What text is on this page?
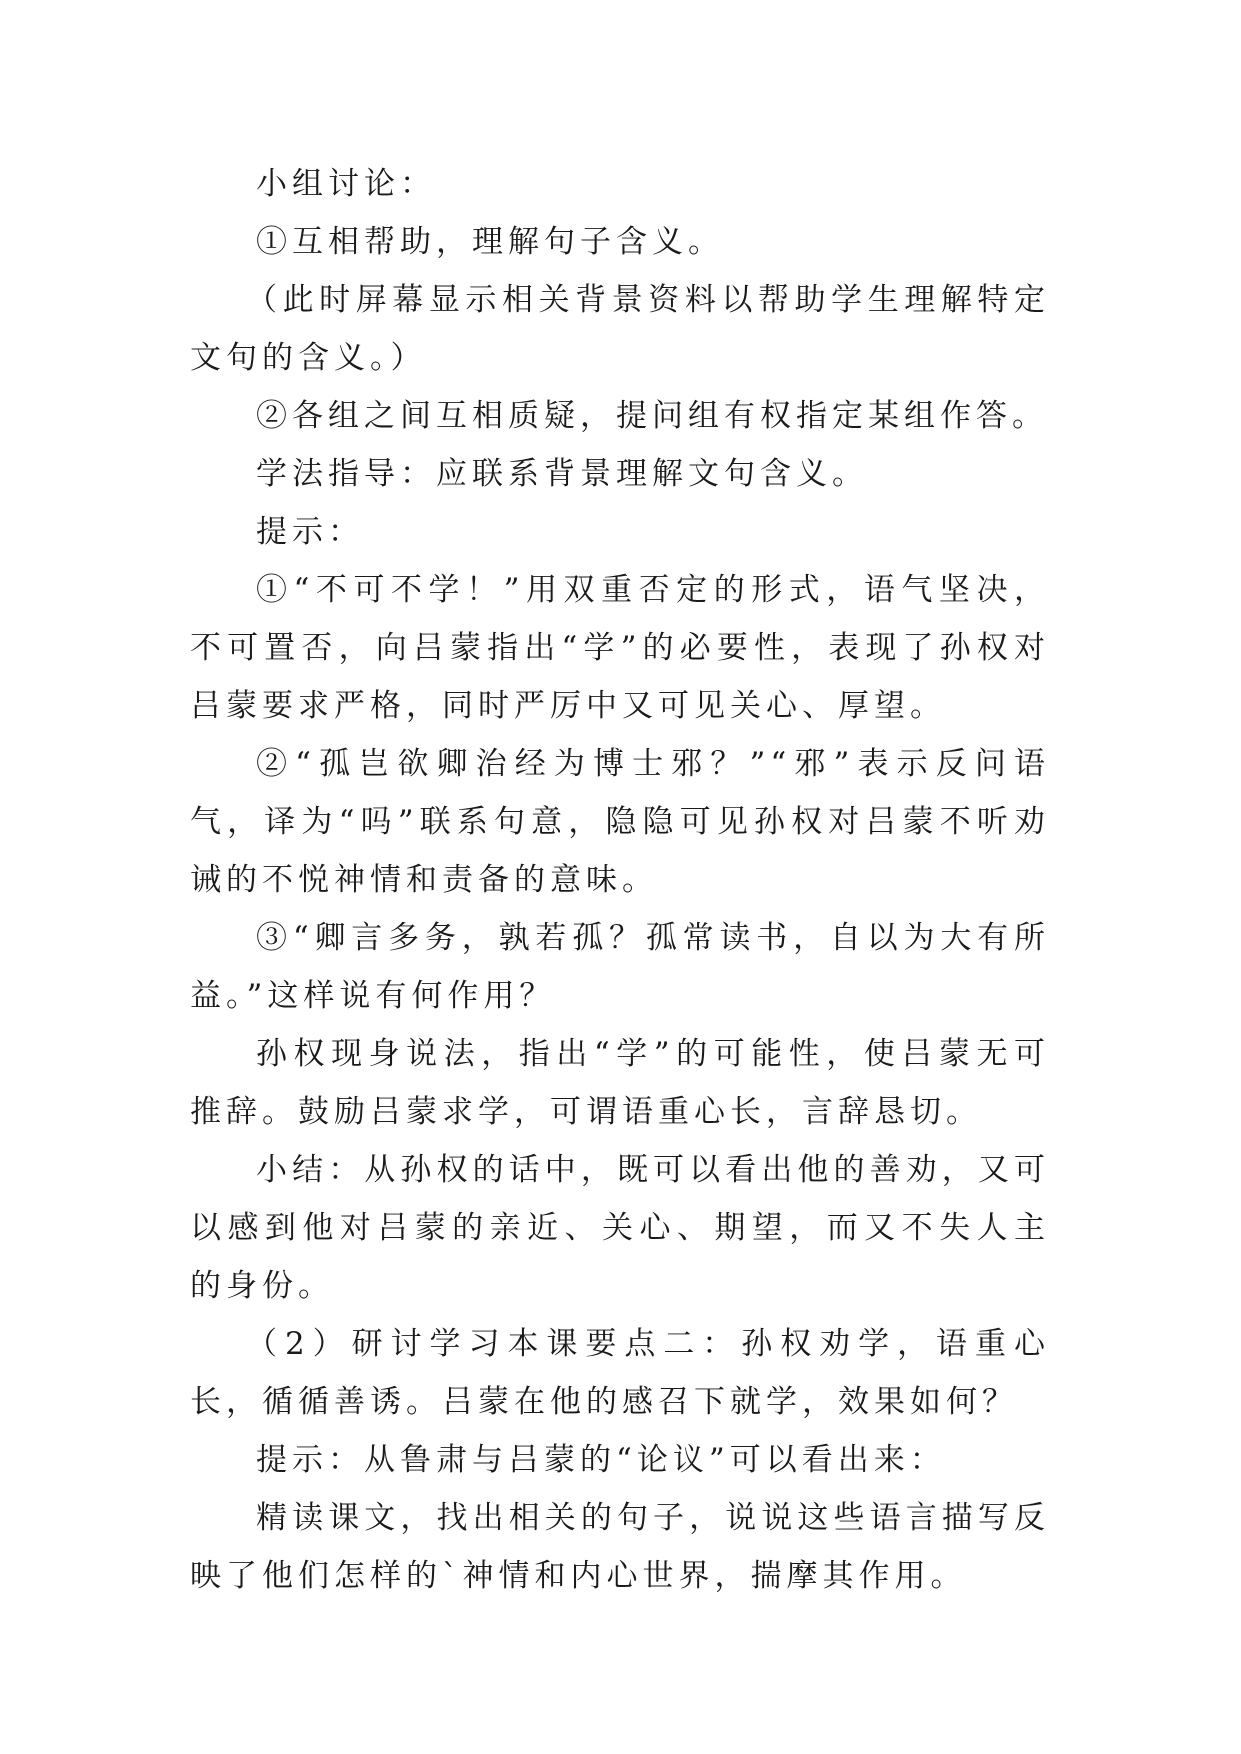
小组讨论：

①互相帮助，理解句子含义。

（此时屏幕显示相关背景资料以帮助学生理解特定文句的含义。）

②各组之间互相质疑，提问组有权指定某组作答。

学法指导：应联系背景理解文句含义。

提示：

①“不可不学！”用双重否定的形式，语气坚决，不可置否，向吕蒙指出“学”的必要性，表现了孙权对吕蒙要求严格，同时严厉中又可见关心、厚望。

②“孤岂欲卿治经为博士邪？”“邪”表示反问语气，译为“吗”联系句意，隐隐可见孙权对吕蒙不听劝诫的不悦神情和责备的意味。

③“卿言多务，孰若孤？孤常读书，自以为大有所益。”这样说有何作用？

孙权现身说法，指出“学”的可能性，使吕蒙无可推辞。鼓励吕蒙求学，可谓语重心长，言辞恳切。

小结：从孙权的话中，既可以看出他的善劝，又可以感到他对吕蒙的亲近、关心、期望，而又不失人主的身份。

（2）研讨学习本课要点二：孙权劝学，语重心长，循循善诱。吕蒙在他的感召下就学，效果如何？

提示：从鲁肃与吕蒙的“论议”可以看出来：

精读课文，找出相关的句子，说说这些语言描写反映了他们怎样的`神情和内心世界，揣摩其作用。
